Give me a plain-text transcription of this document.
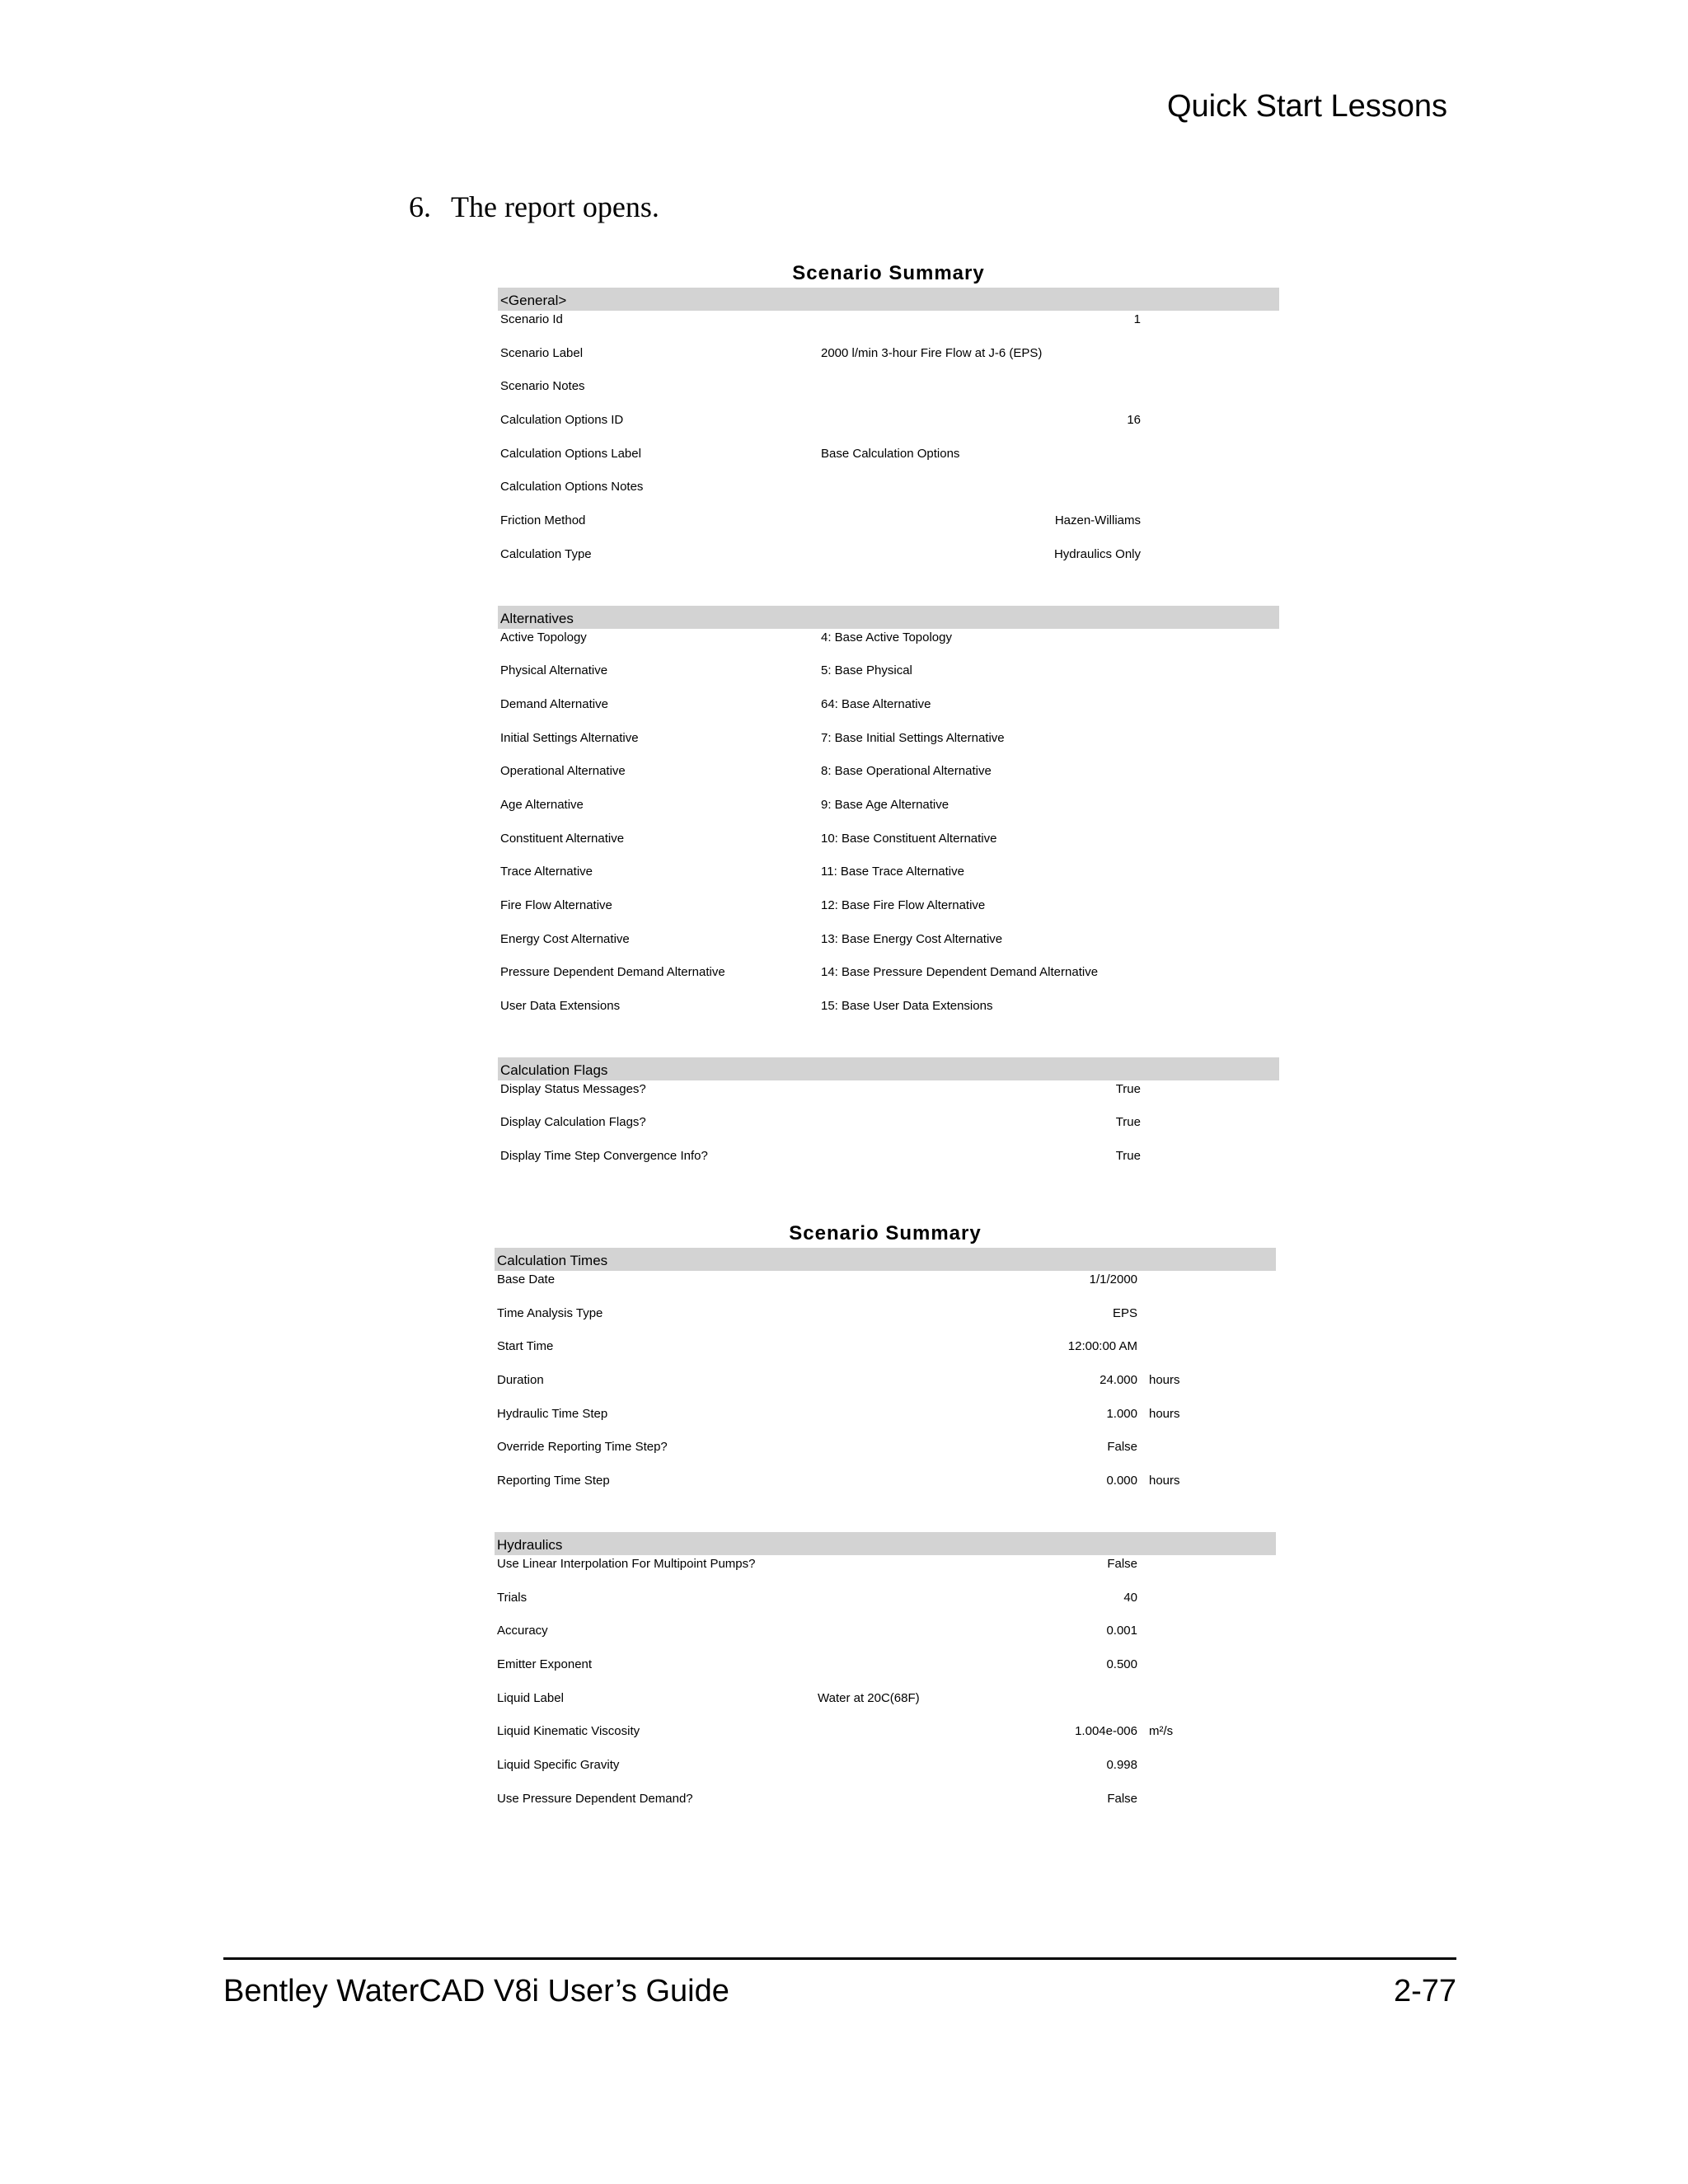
Quick Start Lessons
6. The report opens.
Scenario Summary
<General>
Scenario Id	1
Scenario Label	2000 l/min 3-hour Fire Flow at J-6 (EPS)
Scenario Notes
Calculation Options ID	16
Calculation Options Label	Base Calculation Options
Calculation Options Notes
Friction Method	Hazen-Williams
Calculation Type	Hydraulics Only
Alternatives
Active Topology	4: Base Active Topology
Physical Alternative	5: Base Physical
Demand Alternative	64: Base Alternative
Initial Settings Alternative	7: Base Initial Settings Alternative
Operational Alternative	8: Base Operational Alternative
Age Alternative	9: Base Age Alternative
Constituent Alternative	10: Base Constituent Alternative
Trace Alternative	11: Base Trace Alternative
Fire Flow Alternative	12: Base Fire Flow Alternative
Energy Cost Alternative	13: Base Energy Cost Alternative
Pressure Dependent Demand Alternative	14: Base Pressure Dependent Demand Alternative
User Data Extensions	15: Base User Data Extensions
Calculation Flags
Display Status Messages?	True
Display Calculation Flags?	True
Display Time Step Convergence Info?	True
Scenario Summary
Calculation Times
Base Date	1/1/2000
Time Analysis Type	EPS
Start Time	12:00:00 AM
Duration	24.000 hours
Hydraulic Time Step	1.000 hours
Override Reporting Time Step?	False
Reporting Time Step	0.000 hours
Hydraulics
Use Linear Interpolation For Multipoint Pumps?	False
Trials	40
Accuracy	0.001
Emitter Exponent	0.500
Liquid Label	Water at 20C(68F)
Liquid Kinematic Viscosity	1.004e-006 m²/s
Liquid Specific Gravity	0.998
Use Pressure Dependent Demand?	False
Bentley WaterCAD V8i User’s Guide	2-77
